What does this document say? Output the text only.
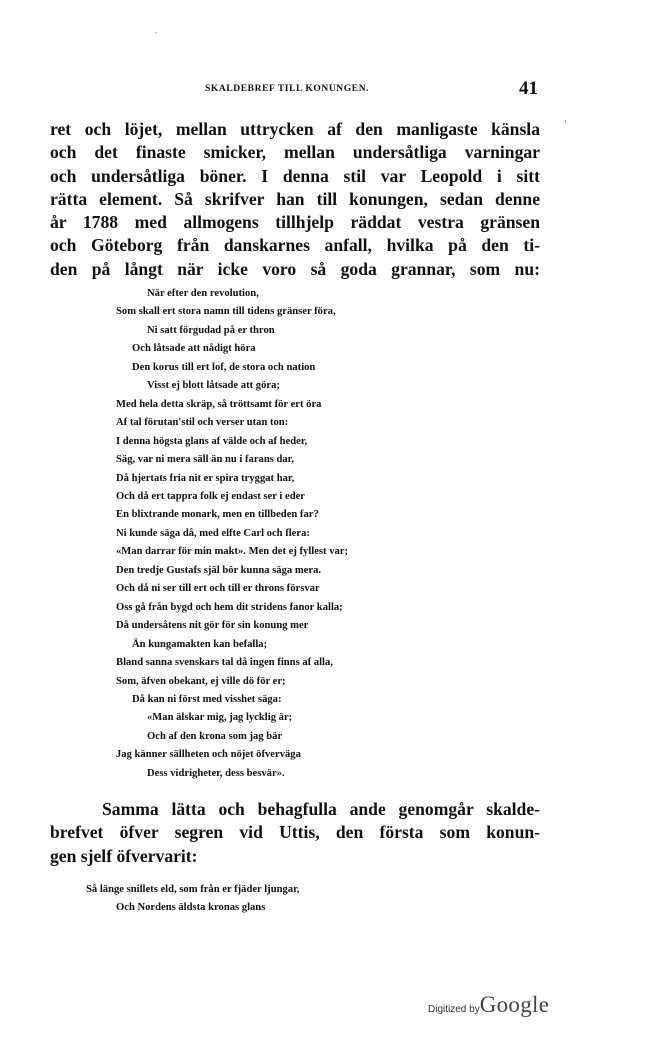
-
SKALDEBREF TILL KONUNGEN.	41
'
ret och löjet, mellan uttrycken af den manligaste känsla
och det finaste smicker, mellan undersåtliga varningar
och undersåtliga böner. I denna stil var Leopold i sitt
rätta element. Så skrifver han till konungen, sedan denne
år 1788 med allmogens tillhjelp räddat vestra gränsen
och Göteborg från danskarnes anfall, hvilka på den ti-
den på långt när icke voro så goda grannar, som nu:
När efter den revolution,
Som skall ert stora namn till tidens gränser föra,
Ni satt förgudad på er thron
Och låtsade att nådigt höra
Den korus till ert lof, de stora och nation
Visst ej blott låtsade att göra;
Med hela detta skräp, så tröttsamt för ert öra
Af tal förutan'stil och verser utan ton:
I denna högsta glans af välde och af heder,
Säg, var ni mera säll än nu i farans dar,
Då hjertats fria nit er spira tryggat har,
Och då ert tappra folk ej endast ser i eder
En blixtrande monark, men en tillbeden far?
Ni kunde säga då, med elfte Carl och flera:
«Man darrar för min makt». Men det ej fyllest var;
Den tredje Gustafs själ bör kunna säga mera.
Och då ni ser till ert och till er throns försvar
Oss gå från bygd och hem dit stridens fanor kalla;
Då undersåtens nit gör för sin konung mer
Än kungamakten kan befalla;
Bland sanna svenskars tal då ingen finns af alla,
Som, äfven obekant, ej ville dö för er;
Då kan ni först med visshet säga:
«Man älskar mig, jag lycklig är;
Och af den krona som jag bär
Jag känner sällheten och nöjet öfverväga
Dess vidrigheter, dess besvär».
Samma lätta och behagfulla ande genomgår skalde-
brefvet öfver segren vid Uttis, den första som konun-
gen sjelf öfvervarit:
Så länge snillets eld, som från er fjäder ljungar,
Och Nordens äldsta kronas glans
Digitized byGoogle
